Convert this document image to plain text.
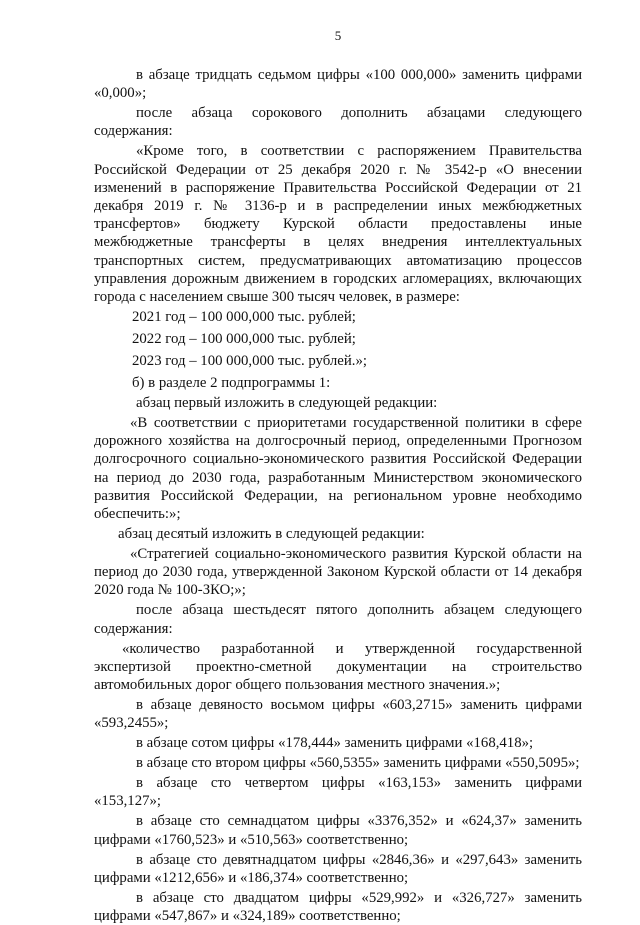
5

в абзаце тридцать седьмом цифры «100 000,000» заменить цифрами «0,000»;

после абзаца сорокового дополнить абзацами следующего содержания:

«Кроме того, в соответствии с распоряжением Правительства Российской Федерации от 25 декабря 2020 г. № 3542-р «О внесении изменений в распоряжение Правительства Российской Федерации от 21 декабря 2019 г. № 3136-р и в распределении иных межбюджетных трансфертов» бюджету Курской области предоставлены иные межбюджетные трансферты в целях внедрения интеллектуальных транспортных систем, предусматривающих автоматизацию процессов управления дорожным движением в городских агломерациях, включающих города с населением свыше 300 тысяч человек, в размере:

2021 год – 100 000,000 тыс. рублей;

2022 год – 100 000,000 тыс. рублей;

2023 год – 100 000,000 тыс. рублей.»;

б) в разделе 2 подпрограммы 1:

абзац первый изложить в следующей редакции:

«В соответствии с приоритетами государственной политики в сфере дорожного хозяйства на долгосрочный период, определенными Прогнозом долгосрочного социально-экономического развития Российской Федерации на период до 2030 года, разработанным Министерством экономического развития Российской Федерации, на региональном уровне необходимо обеспечить:»;

абзац десятый изложить в следующей редакции:

«Стратегией социально-экономического развития Курской области на период до 2030 года, утвержденной Законом Курской области от 14 декабря 2020 года № 100-ЗКО;»;

после абзаца шестьдесят пятого дополнить абзацем следующего содержания:

«количество разработанной и утвержденной государственной экспертизой проектно-сметной документации на строительство автомобильных дорог общего пользования местного значения.»;

в абзаце девяносто восьмом цифры «603,2715» заменить цифрами «593,2455»;

в абзаце сотом цифры «178,444» заменить цифрами «168,418»;

в абзаце сто втором цифры «560,5355» заменить цифрами «550,5095»;

в абзаце сто четвертом цифры «163,153» заменить цифрами «153,127»;

в абзаце сто семнадцатом цифры «3376,352» и «624,37» заменить цифрами «1760,523» и «510,563» соответственно;

в абзаце сто девятнадцатом цифры «2846,36» и «297,643» заменить цифрами «1212,656» и «186,374» соответственно;

в абзаце сто двадцатом цифры «529,992» и «326,727» заменить цифрами «547,867» и «324,189» соответственно;
